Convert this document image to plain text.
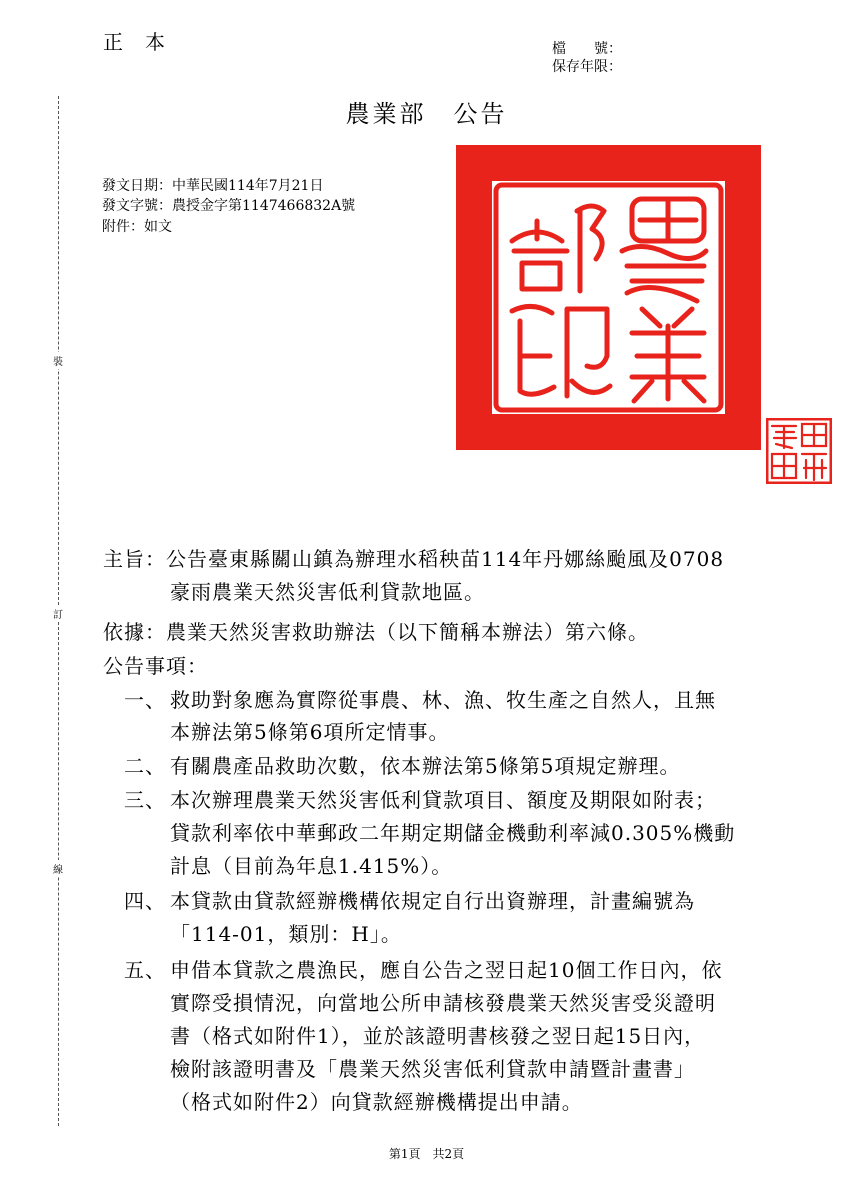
正　本	檔　　號：
保存年限：
農業部　公告
發文日期：中華民國114年7月21日
發文字號：農授金字第1147466832A號
附件：如文
裝
訂
線
主旨：公告臺東縣關山鎮為辦理水稻秧苗114年丹娜絲颱風及0708
豪雨農業天然災害低利貸款地區。
依據：農業天然災害救助辦法（以下簡稱本辦法）第六條。
公告事項：
一、 救助對象應為實際從事農、林、漁、牧生產之自然人，且無
本辦法第5條第6項所定情事。
二、 有關農產品救助次數，依本辦法第5條第5項規定辦理。
三、 本次辦理農業天然災害低利貸款項目、額度及期限如附表；
貸款利率依中華郵政二年期定期儲金機動利率減0.305%機動
計息（目前為年息1.415%）。
四、 本貸款由貸款經辦機構依規定自行出資辦理，計畫編號為
「114-01，類別：H」。
五、 申借本貸款之農漁民，應自公告之翌日起10個工作日內，依
實際受損情況，向當地公所申請核發農業天然災害受災證明
書（格式如附件1），並於該證明書核發之翌日起15日內，
檢附該證明書及「農業天然災害低利貸款申請暨計畫書」
（格式如附件2）向貸款經辦機構提出申請。
第1頁　共2頁
